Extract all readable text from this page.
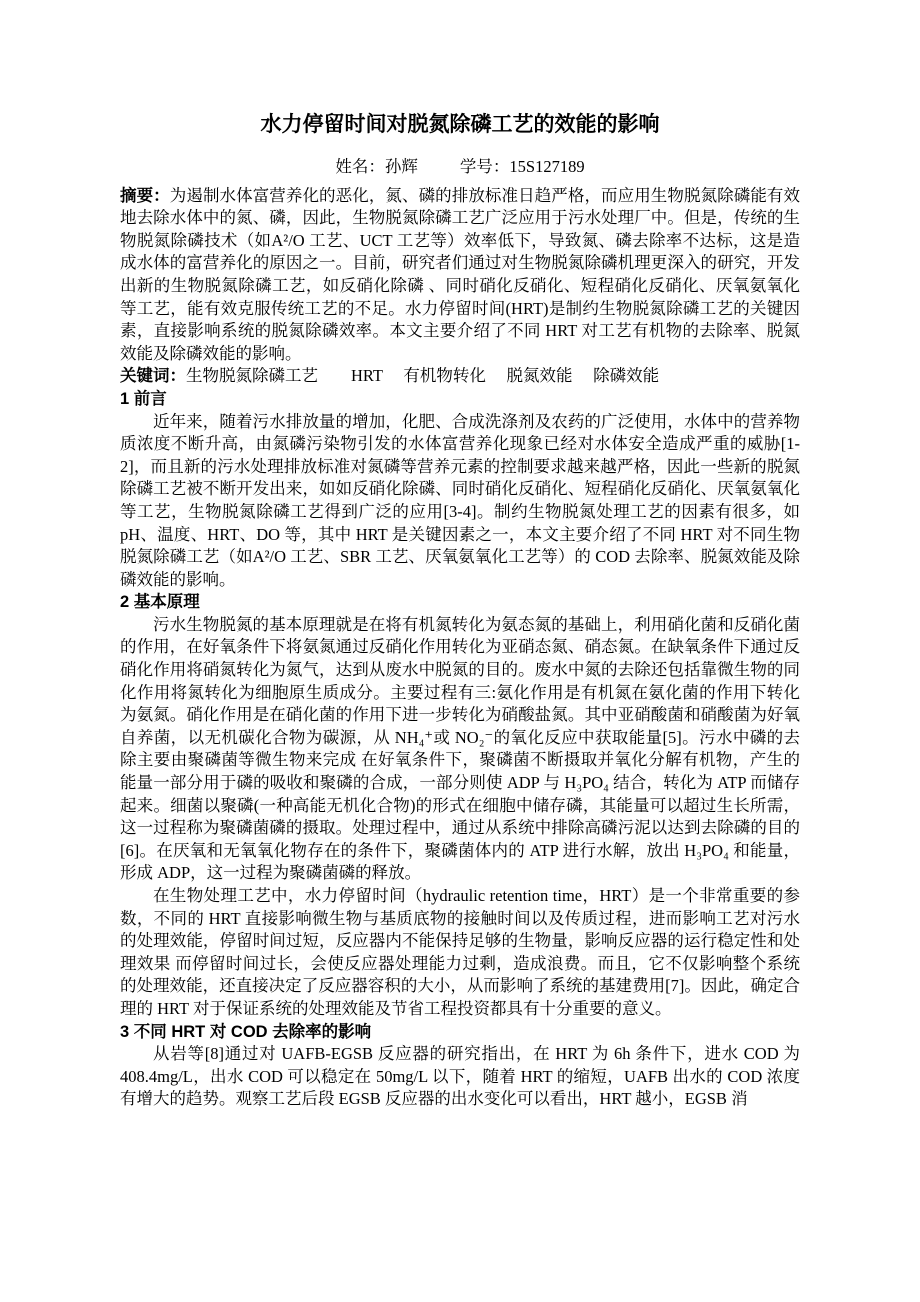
水力停留时间对脱氮除磷工艺的效能的影响
姓名：孙辉	学号：15S127189

摘要：为遏制水体富营养化的恶化，氮、磷的排放标准日趋严格，而应用生物脱氮除磷能有效地去除水体中的氮、磷，因此，生物脱氮除磷工艺广泛应用于污水处理厂中。但是，传统的生物脱氮除磷技术（如A²/O 工艺、UCT 工艺等）效率低下，导致氮、磷去除率不达标，这是造成水体的富营养化的原因之一。目前，研究者们通过对生物脱氮除磷机理更深入的研究，开发出新的生物脱氮除磷工艺，如反硝化除磷 、同时硝化反硝化、短程硝化反硝化、厌氧氨氧化等工艺，能有效克服传统工艺的不足。水力停留时间(HRT)是制约生物脱氮除磷工艺的关键因素，直接影响系统的脱氮除磷效率。本文主要介绍了不同 HRT 对工艺有机物的去除率、脱氮效能及除磷效能的影响。

关键词：生物脱氮除磷工艺　　HRT　 有机物转化　 脱氮效能　 除磷效能

1 前言

近年来，随着污水排放量的增加，化肥、合成洗涤剂及农药的广泛使用，水体中的营养物质浓度不断升高，由氮磷污染物引发的水体富营养化现象已经对水体安全造成严重的威胁[1-2]，而且新的污水处理排放标准对氮磷等营养元素的控制要求越来越严格，因此一些新的脱氮除磷工艺被不断开发出来，如如反硝化除磷、同时硝化反硝化、短程硝化反硝化、厌氧氨氧化等工艺，生物脱氮除磷工艺得到广泛的应用[3-4]。制约生物脱氮处理工艺的因素有很多，如pH、温度、HRT、DO 等，其中 HRT 是关键因素之一，本文主要介绍了不同 HRT 对不同生物脱氮除磷工艺（如A²/O 工艺、SBR 工艺、厌氧氨氧化工艺等）的 COD 去除率、脱氮效能及除磷效能的影响。

2 基本原理

污水生物脱氮的基本原理就是在将有机氮转化为氨态氮的基础上，利用硝化菌和反硝化菌的作用，在好氧条件下将氨氮通过反硝化作用转化为亚硝态氮、硝态氮。在缺氧条件下通过反硝化作用将硝氮转化为氮气，达到从废水中脱氮的目的。废水中氮的去除还包括靠微生物的同化作用将氮转化为细胞原生质成分。主要过程有三:氨化作用是有机氮在氨化菌的作用下转化为氨氮。硝化作用是在硝化菌的作用下进一步转化为硝酸盐氮。其中亚硝酸菌和硝酸菌为好氧自养菌，以无机碳化合物为碳源，从 NH₄⁺或 NO₂⁻的氧化反应中获取能量[5]。污水中磷的去除主要由聚磷菌等微生物来完成 在好氧条件下，聚磷菌不断摄取并氧化分解有机物，产生的能量一部分用于磷的吸收和聚磷的合成，一部分则使 ADP 与 H₃PO₄ 结合，转化为 ATP 而储存起来。细菌以聚磷(一种高能无机化合物)的形式在细胞中储存磷，其能量可以超过生长所需，这一过程称为聚磷菌磷的摄取。处理过程中，通过从系统中排除高磷污泥以达到去除磷的目的[6]。在厌氧和无氧氧化物存在的条件下，聚磷菌体内的 ATP 进行水解，放出 H₃PO₄ 和能量，形成 ADP，这一过程为聚磷菌磷的释放。

在生物处理工艺中，水力停留时间（hydraulic retention time，HRT）是一个非常重要的参数，不同的 HRT 直接影响微生物与基质底物的接触时间以及传质过程，进而影响工艺对污水的处理效能，停留时间过短，反应器内不能保持足够的生物量，影响反应器的运行稳定性和处理效果 而停留时间过长，会使反应器处理能力过剩，造成浪费。而且，它不仅影响整个系统的处理效能，还直接决定了反应器容积的大小，从而影响了系统的基建费用[7]。因此，确定合理的 HRT 对于保证系统的处理效能及节省工程投资都具有十分重要的意义。

3 不同 HRT 对 COD 去除率的影响

从岩等[8]通过对 UAFB-EGSB 反应器的研究指出，在 HRT 为 6h 条件下，进水 COD 为 408.4mg/L，出水 COD 可以稳定在 50mg/L 以下，随着 HRT 的缩短，UAFB 出水的 COD 浓度有增大的趋势。观察工艺后段 EGSB 反应器的出水变化可以看出，HRT 越小，EGSB 消
